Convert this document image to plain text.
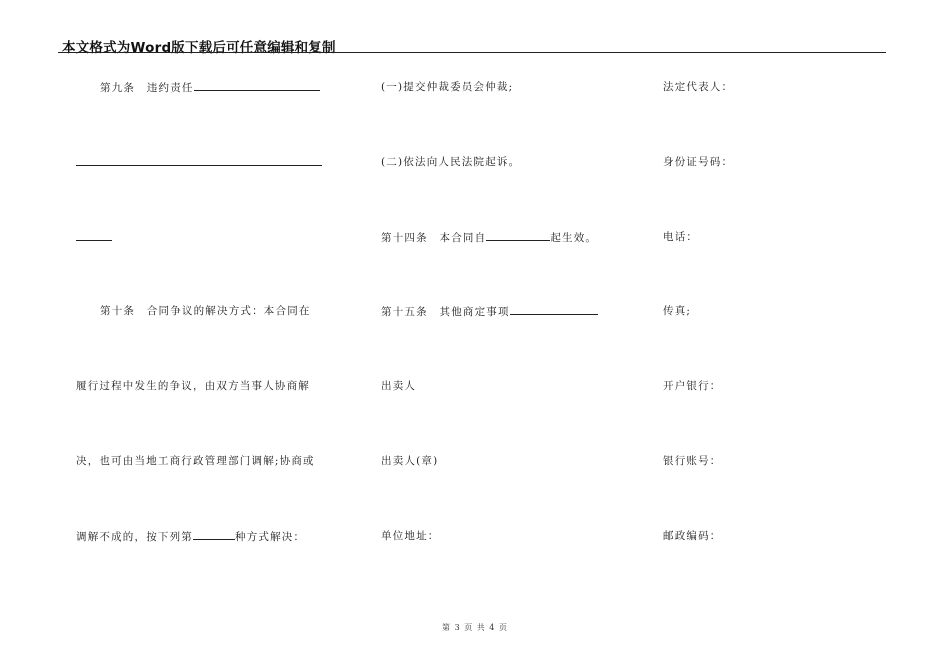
本文格式为Word版下载后可任意编辑和复制
第九条　违约责任
第十条　合同争议的解决方式：本合同在
履行过程中发生的争议，由双方当事人协商解
决，也可由当地工商行政管理部门调解;协商或
调解不成的，按下列第	种方式解决：
(一)提交仲裁委员会仲裁;
(二)依法向人民法院起诉。
第十四条　本合同自	起生效。
第十五条　其他商定事项
出卖人
出卖人(章)
单位地址：
法定代表人：
身份证号码：
电话：
传真;
开户银行：
银行账号：
邮政编码：
第 3 页 共 4 页
